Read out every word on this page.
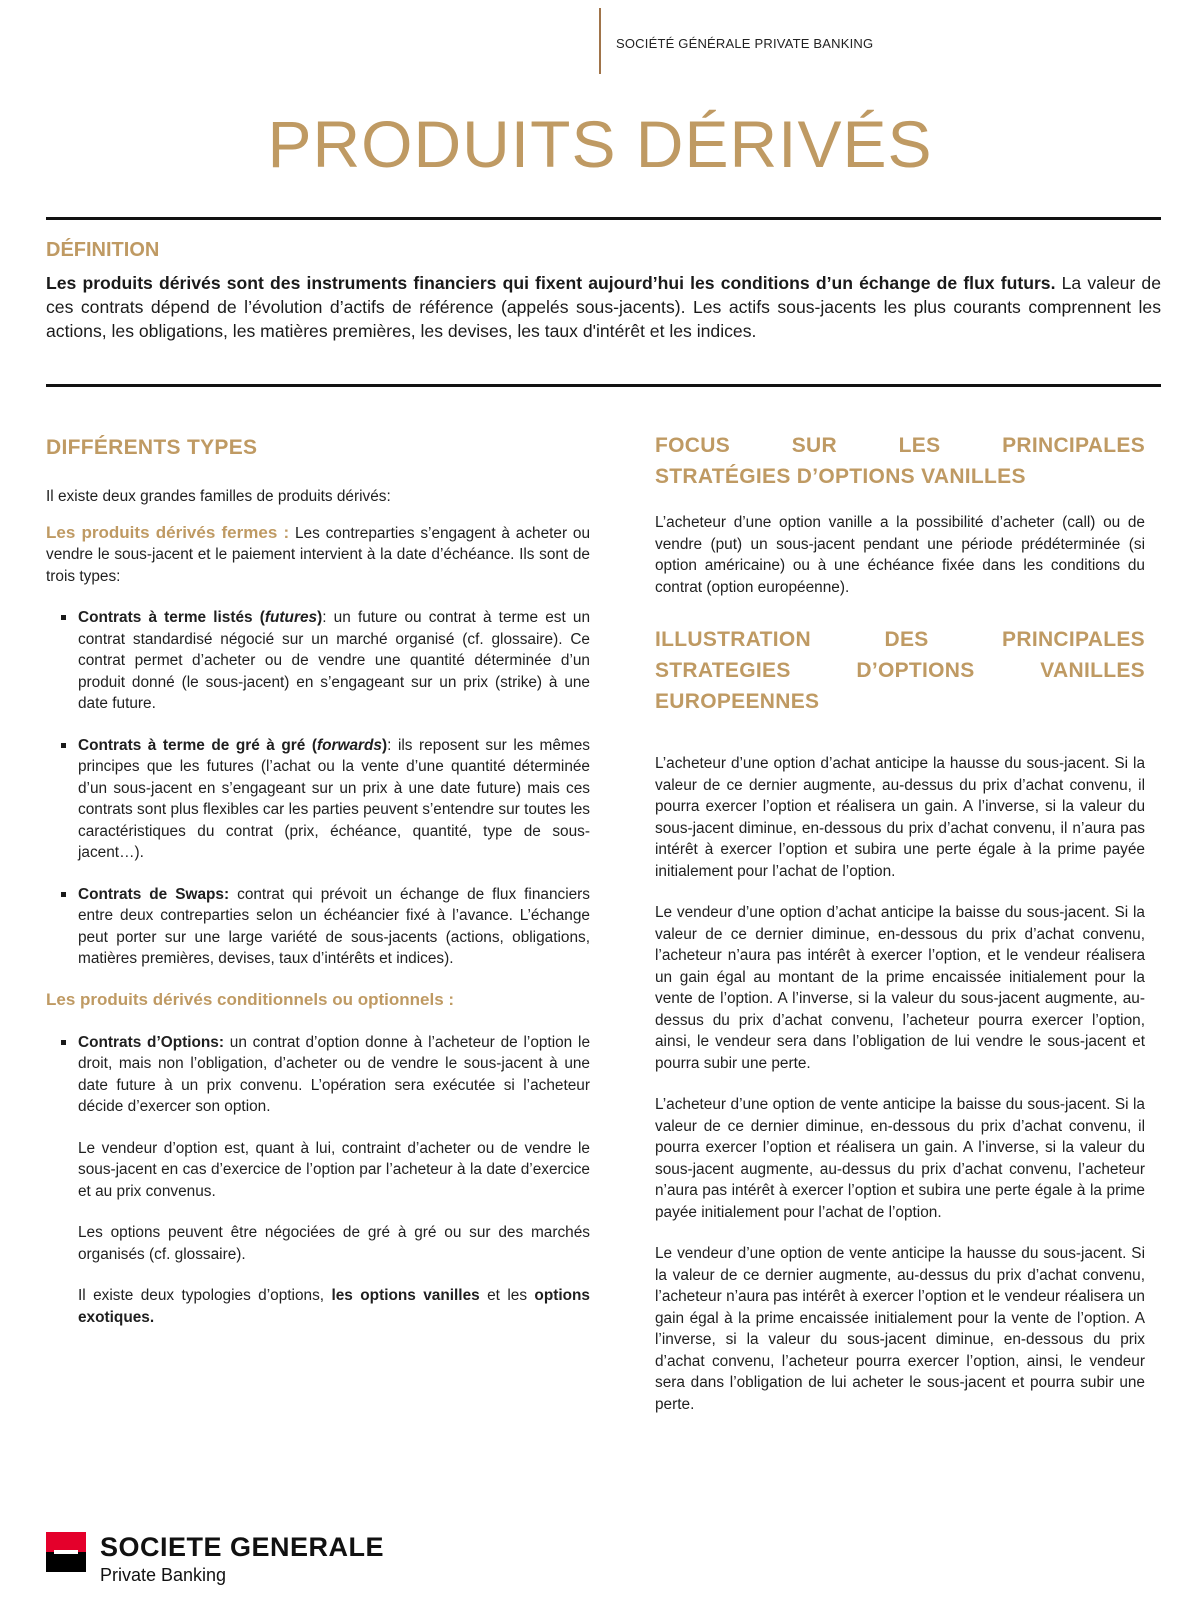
SOCIÉTÉ GÉNÉRALE PRIVATE BANKING
PRODUITS DÉRIVÉS
DÉFINITION

Les produits dérivés sont des instruments financiers qui fixent aujourd’hui les conditions d’un échange de flux futurs. La valeur de ces contrats dépend de l’évolution d’actifs de référence (appelés sous-jacents). Les actifs sous-jacents les plus courants comprennent les actions, les obligations, les matières premières, les devises, les taux d'intérêt et les indices.

DIFFÉRENTS TYPES

Il existe deux grandes familles de produits dérivés:

Les produits dérivés fermes : Les contreparties s’engagent à acheter ou vendre le sous-jacent et le paiement intervient à la date d’échéance. Ils sont de trois types:

Contrats à terme listés (futures): un future ou contrat à terme est un contrat standardisé négocié sur un marché organisé (cf. glossaire). Ce contrat permet d’acheter ou de vendre une quantité déterminée d’un produit donné (le sous-jacent) en s’engageant sur un prix (strike) à une date future.
Contrats à terme de gré à gré (forwards): ils reposent sur les mêmes principes que les futures (l’achat ou la vente d’une quantité déterminée d’un sous-jacent en s’engageant sur un prix à une date future) mais ces contrats sont plus flexibles car les parties peuvent s’entendre sur toutes les caractéristiques du contrat (prix, échéance, quantité, type de sous-jacent…).
Contrats de Swaps: contrat qui prévoit un échange de flux financiers entre deux contreparties selon un échéancier fixé à l’avance. L’échange peut porter sur une large variété de sous-jacents (actions, obligations, matières premières, devises, taux d’intérêts et indices).
Les produits dérivés conditionnels ou optionnels :
Contrats d’Options: un contrat d’option donne à l’acheteur de l’option le droit, mais non l’obligation, d’acheter ou de vendre le sous-jacent à une date future à un prix convenu. L’opération sera exécutée si l’acheteur décide d’exercer son option.

Le vendeur d’option est, quant à lui, contraint d’acheter ou de vendre le sous-jacent en cas d’exercice de l’option par l’acheteur à la date d’exercice et au prix convenus.

Les options peuvent être négociées de gré à gré ou sur des marchés organisés (cf. glossaire).

Il existe deux typologies d’options, les options vanilles et les options exotiques.

FOCUS SUR LES PRINCIPALES
STRATÉGIES D’OPTIONS VANILLES

L’acheteur d’une option vanille a la possibilité d’acheter (call) ou de vendre (put) un sous-jacent pendant une période prédéterminée (si option américaine) ou à une échéance fixée dans les conditions du contrat (option européenne).

ILLUSTRATION DES PRINCIPALES
STRATEGIES D’OPTIONS VANILLES
EUROPEENNES

L’acheteur d’une option d’achat anticipe la hausse du sous-jacent. Si la valeur de ce dernier augmente, au-dessus du prix d’achat convenu, il pourra exercer l’option et réalisera un gain. A l’inverse, si la valeur du sous-jacent diminue, en-dessous du prix d’achat convenu, il n’aura pas intérêt à exercer l’option et subira une perte égale à la prime payée initialement pour l’achat de l’option.

Le vendeur d’une option d’achat anticipe la baisse du sous-jacent. Si la valeur de ce dernier diminue, en-dessous du prix d’achat convenu, l’acheteur n’aura pas intérêt à exercer l’option, et le vendeur réalisera un gain égal au montant de la prime encaissée initialement pour la vente de l’option. A l’inverse, si la valeur du sous-jacent augmente, au-dessus du prix d’achat convenu, l’acheteur pourra exercer l’option, ainsi, le vendeur sera dans l’obligation de lui vendre le sous-jacent et pourra subir une perte.

L’acheteur d’une option de vente anticipe la baisse du sous-jacent. Si la valeur de ce dernier diminue, en-dessous du prix d’achat convenu, il pourra exercer l’option et réalisera un gain. A l’inverse, si la valeur du sous-jacent augmente, au-dessus du prix d’achat convenu, l’acheteur n’aura pas intérêt à exercer l’option et subira une perte égale à la prime payée initialement pour l’achat de l’option.

Le vendeur d’une option de vente anticipe la hausse du sous-jacent. Si la valeur de ce dernier augmente, au-dessus du prix d’achat convenu, l’acheteur n’aura pas intérêt à exercer l’option et le vendeur réalisera un gain égal à la prime encaissée initialement pour la vente de l’option. A l’inverse, si la valeur du sous-jacent diminue, en-dessous du prix d’achat convenu, l’acheteur pourra exercer l’option, ainsi, le vendeur sera dans l’obligation de lui acheter le sous-jacent et pourra subir une perte.

SOCIETE GENERALE
Private Banking
